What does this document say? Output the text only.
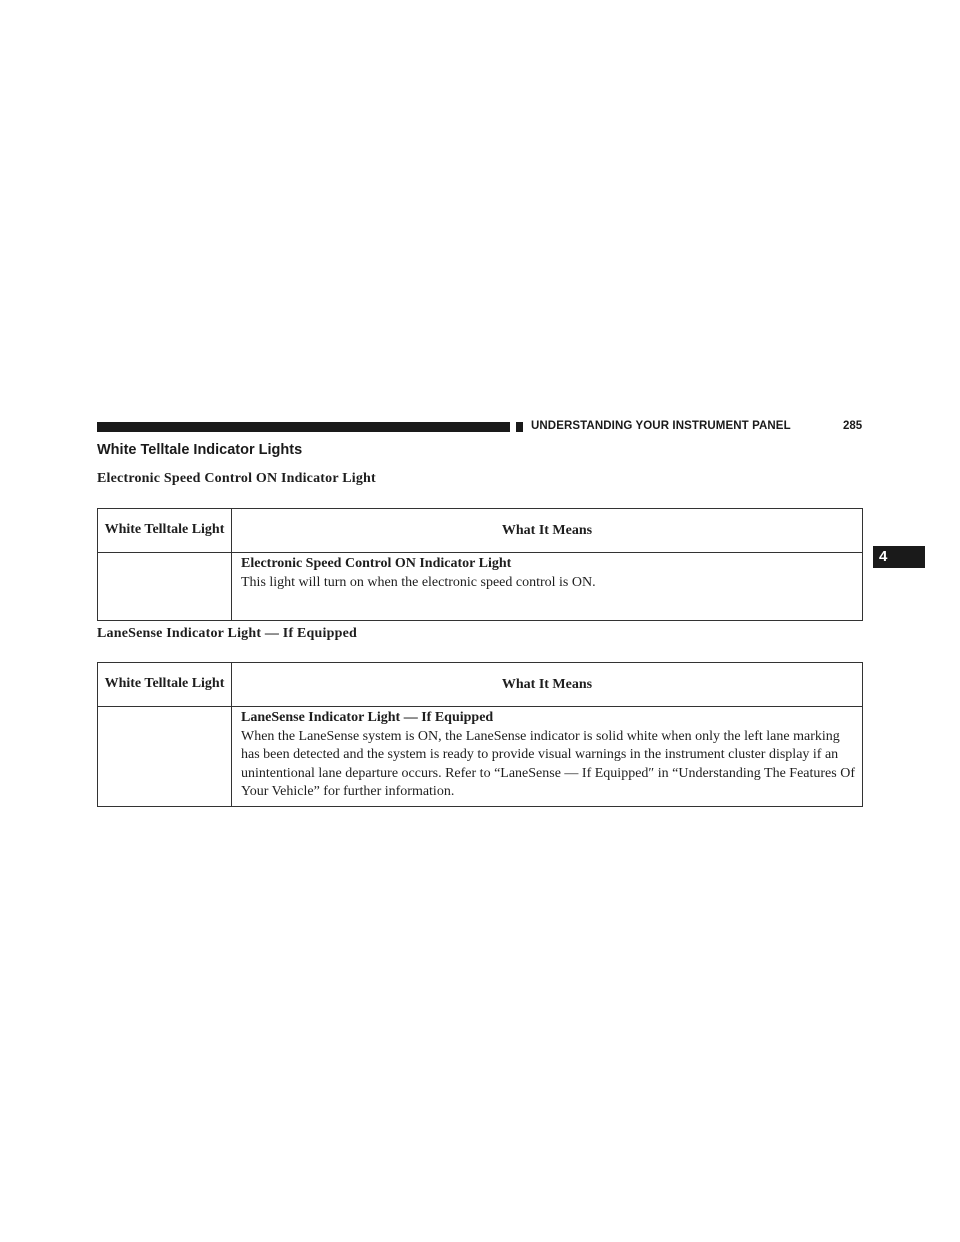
UNDERSTANDING YOUR INSTRUMENT PANEL	285
4
White Telltale Indicator Lights
Electronic Speed Control ON Indicator Light
White Telltale Light	What It Means

	Electronic Speed Control ON Indicator Light
This light will turn on when the electronic speed control is ON.
LaneSense Indicator Light — If Equipped
White Telltale Light	What It Means

	LaneSense Indicator Light — If Equipped
When the LaneSense system is ON, the LaneSense indicator is solid white when only the left lane marking has been detected and the system is ready to provide visual warnings in the instrument cluster display if an unintentional lane departure occurs. Refer to “LaneSense — If Equipped″ in “Understanding The Features Of Your Vehicle” for further information.
